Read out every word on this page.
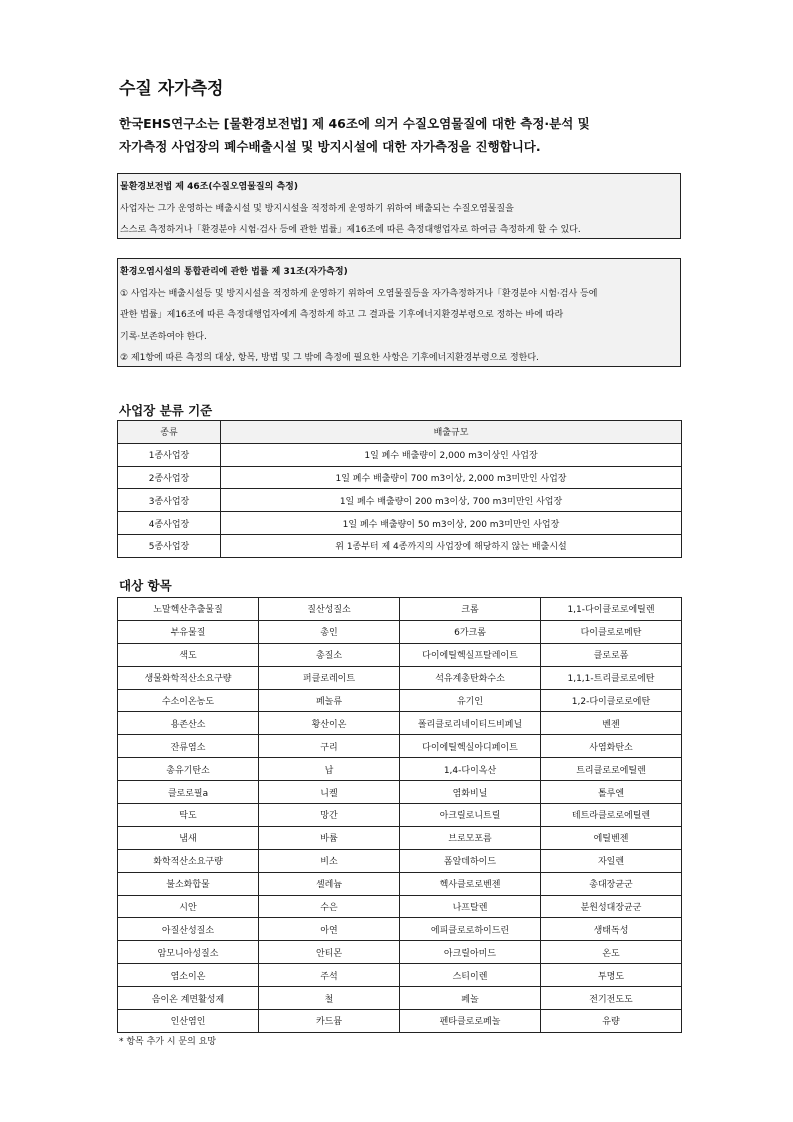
수질 자가측정
한국EHS연구소는 [물환경보전법] 제 46조에 의거 수질오염물질에 대한 측정·분석 및
자가측정 사업장의 폐수배출시설 및 방지시설에 대한 자가측정을 진행합니다.
물환경보전법 제 46조(수질오염물질의 측정)
사업자는 그가 운영하는 배출시설 및 방지시설을 적정하게 운영하기 위하여 배출되는 수질오염물질을
스스로 측정하거나「환경분야 시험·검사 등에 관한 법률」제16조에 따른 측정대행업자로 하여금 측정하게 할 수 있다.
환경오염시설의 통합관리에 관한 법률 제 31조(자가측정)
① 사업자는 배출시설등 및 방지시설을 적정하게 운영하기 위하여 오염물질등을 자가측정하거나「환경분야 시험·검사 등에
관한 법률」제16조에 따른 측정대행업자에게 측정하게 하고 그 결과를 기후에너지환경부령으로 정하는 바에 따라
기록·보존하여야 한다.
② 제1항에 따른 측정의 대상, 항목, 방법 및 그 밖에 측정에 필요한 사항은 기후에너지환경부령으로 정한다.
사업장 분류 기준
종류	배출규모
1종사업장	1일 폐수 배출량이 2,000 m3이상인 사업장
2종사업장	1일 폐수 배출량이 700 m3이상, 2,000 m3미만인 사업장
3종사업장	1일 폐수 배출량이 200 m3이상, 700 m3미만인 사업장
4종사업장	1일 폐수 배출량이 50 m3이상, 200 m3미만인 사업장
5종사업장	위 1종부터 제 4종까지의 사업장에 해당하지 않는 배출시설
대상 항목
노말헥산추출물질	질산성질소	크롬	1,1-다이클로로에틸렌
부유물질	총인	6가크롬	다이클로로메탄
색도	총질소	다이에틸헥실프탈레이트	클로로폼
생물화학적산소요구량	퍼클로레이트	석유계총탄화수소	1,1,1-트리클로로에탄
수소이온농도	페놀류	유기인	1,2-다이클로로에탄
용존산소	황산이온	폴리클로리네이티드비페닐	벤젠
잔류염소	구리	다이에틸헥실아디페이트	사염화탄소
총유기탄소	납	1,4-다이옥산	트리클로로에틸렌
클로로필a	니켈	염화비닐	톨루엔
탁도	망간	아크릴로니트릴	테트라클로로에틸렌
냄새	바륨	브로모포름	에틸벤젠
화학적산소요구량	비소	폼알데하이드	자일렌
불소화합물	셀레늄	헥사클로로벤젠	총대장균군
시안	수은	나프탈렌	분원성대장균군
아질산성질소	아연	에피클로로하이드린	생태독성
암모니아성질소	안티몬	아크릴아미드	온도
염소이온	주석	스티이렌	투명도
음이온 계면활성제	철	페놀	전기전도도
인산염인	카드뮴	펜타클로로페놀	유량
* 항목 추가 시 문의 요망
